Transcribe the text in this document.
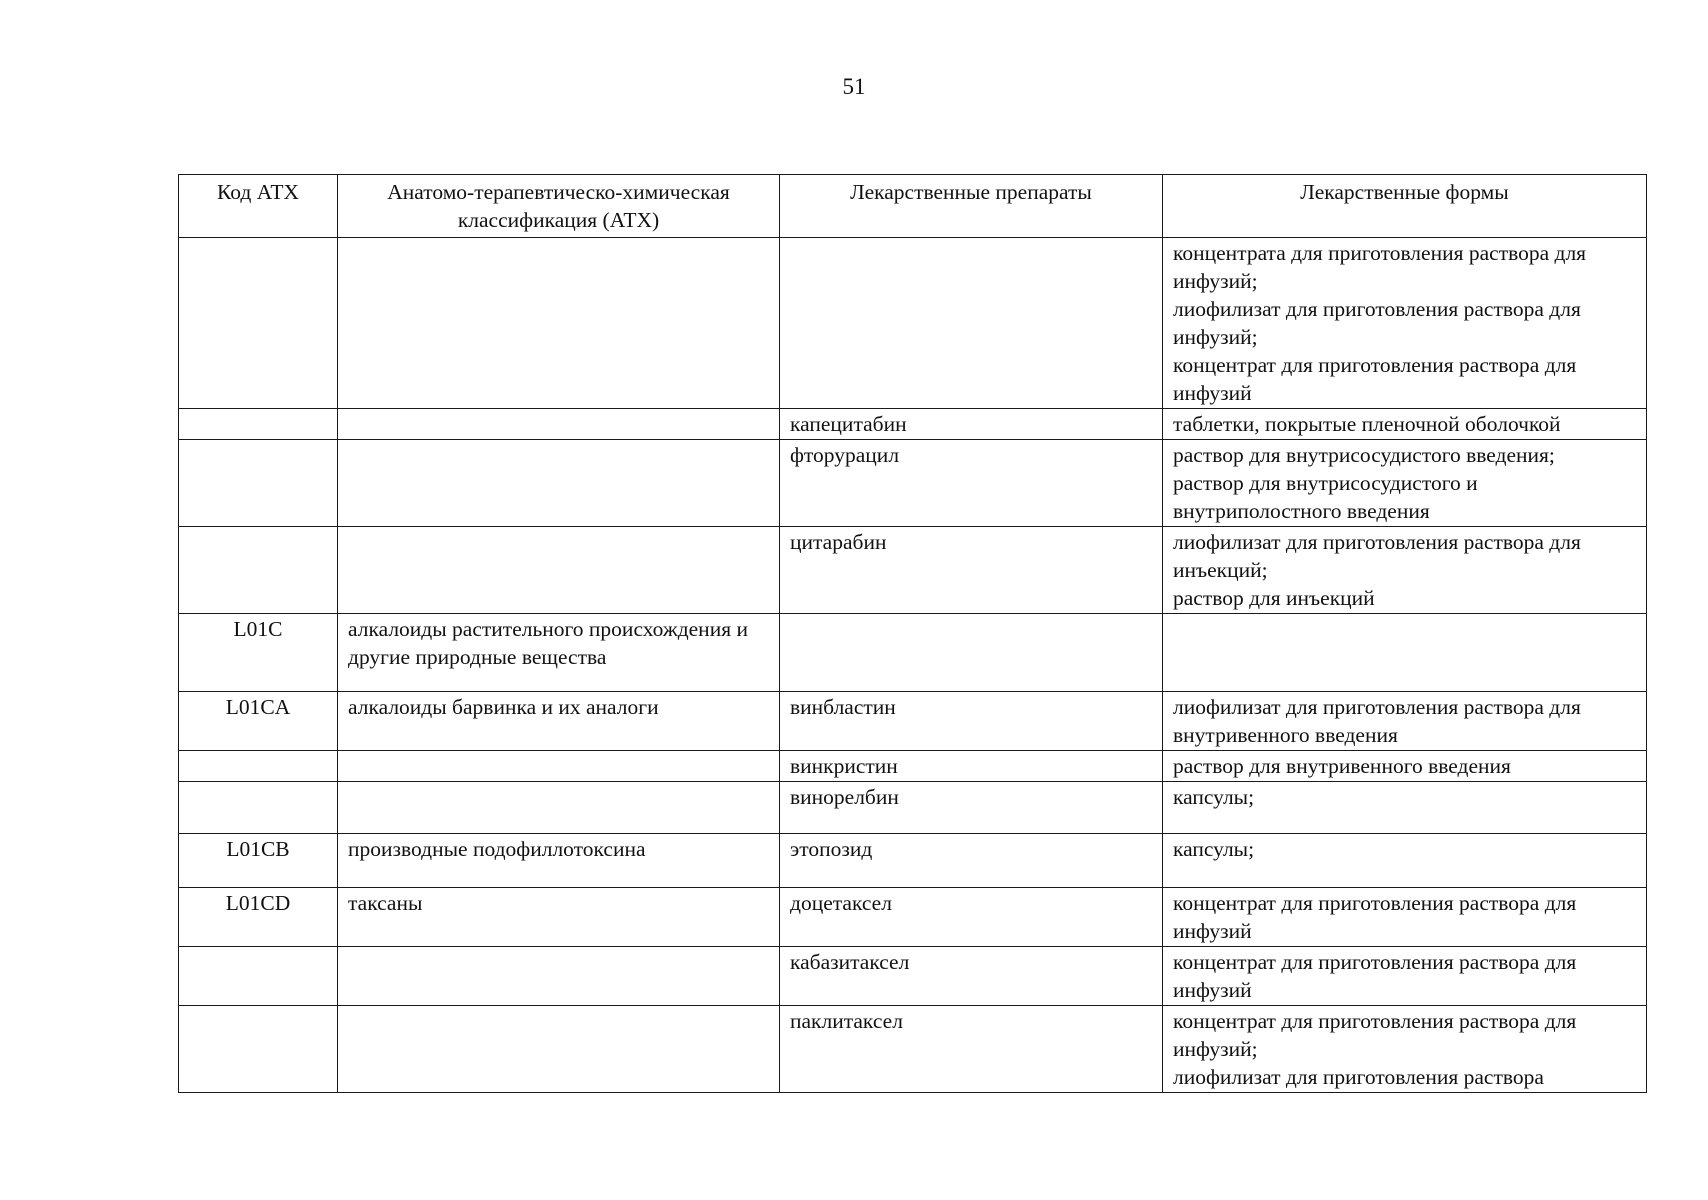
51
Код АТХ	Анатомо-терапевтическо-химическая классификация (АТХ)	Лекарственные препараты	Лекарственные формы

			концентрата для приготовления раствора для инфузий;
лиофилизат для приготовления раствора для инфузий;
концентрат для приготовления раствора для инфузий

		капецитабин	таблетки, покрытые пленочной оболочкой

		фторурацил	раствор для внутрисосудистого введения;
раствор для внутрисосудистого и внутриполостного введения

		цитарабин	лиофилизат для приготовления раствора для инъекций;
раствор для инъекций

L01C	алкалоиды растительного происхождения и другие природные вещества		
L01CA	алкалоиды барвинка и их аналоги	винбластин	лиофилизат для приготовления раствора для внутривенного введения

		винкристин	раствор для внутривенного введения

		винорелбин	капсулы;

L01CB	производные подофиллотоксина	этопозид	капсулы;

L01CD	таксаны	доцетаксел	концентрат для приготовления раствора для инфузий

		кабазитаксел	концентрат для приготовления раствора для инфузий

		паклитаксел	концентрат для приготовления раствора для инфузий;
лиофилизат для приготовления раствора
